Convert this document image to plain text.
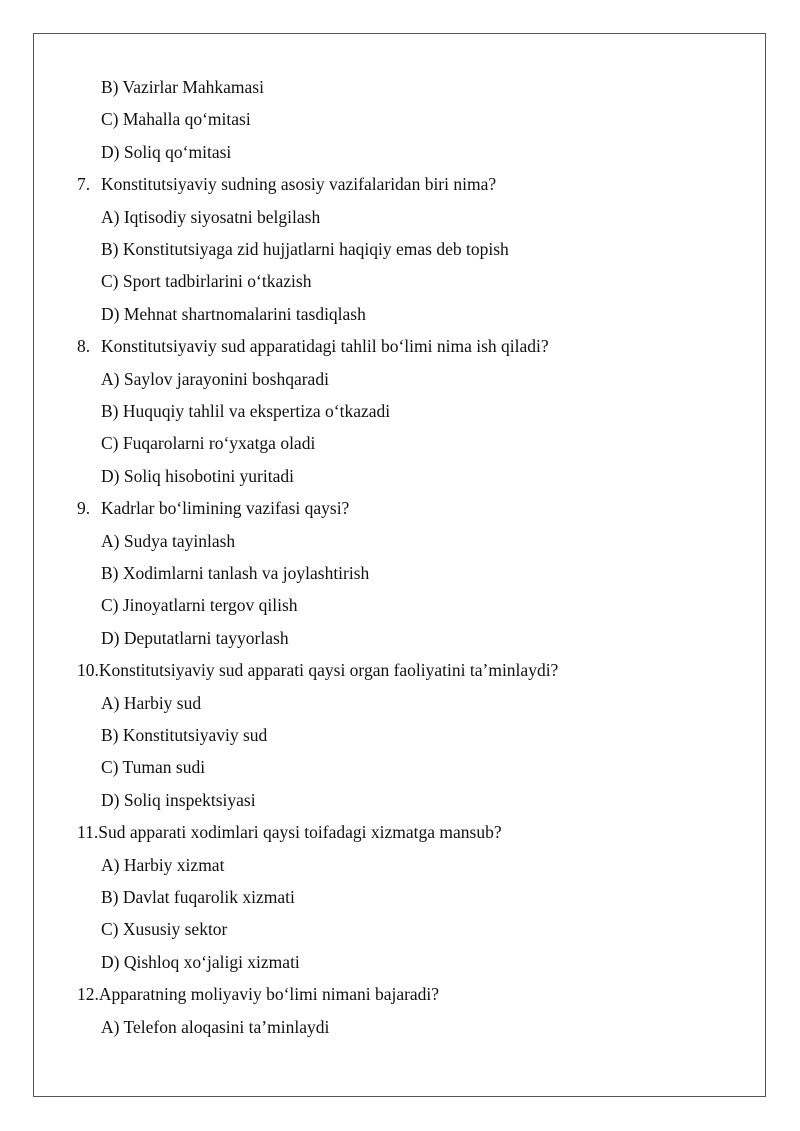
B) Vazirlar Mahkamasi
C) Mahalla qo‘mitasi
D) Soliq qo‘mitasi
7. Konstitutsiyaviy sudning asosiy vazifalaridan biri nima?
A) Iqtisodiy siyosatni belgilash
B) Konstitutsiyaga zid hujjatlarni haqiqiy emas deb topish
C) Sport tadbirlarini o‘tkazish
D) Mehnat shartnomalarini tasdiqlash
8. Konstitutsiyaviy sud apparatidagi tahlil bo‘limi nima ish qiladi?
A) Saylov jarayonini boshqaradi
B) Huquqiy tahlil va ekspertiza o‘tkazadi
C) Fuqarolarni ro‘yxatga oladi
D) Soliq hisobotini yuritadi
9. Kadrlar bo‘limining vazifasi qaysi?
A) Sudya tayinlash
B) Xodimlarni tanlash va joylashtirish
C) Jinoyatlarni tergov qilish
D) Deputatlarni tayyorlash
10. Konstitutsiyaviy sud apparati qaysi organ faoliyatini ta’minlaydi?
A) Harbiy sud
B) Konstitutsiyaviy sud
C) Tuman sudi
D) Soliq inspektsiyasi
11. Sud apparati xodimlari qaysi toifadagi xizmatga mansub?
A) Harbiy xizmat
B) Davlat fuqarolik xizmati
C) Xususiy sektor
D) Qishloq xo‘jaligi xizmati
12. Apparatning moliyaviy bo‘limi nimani bajaradi?
A) Telefon aloqasini ta’minlaydi
